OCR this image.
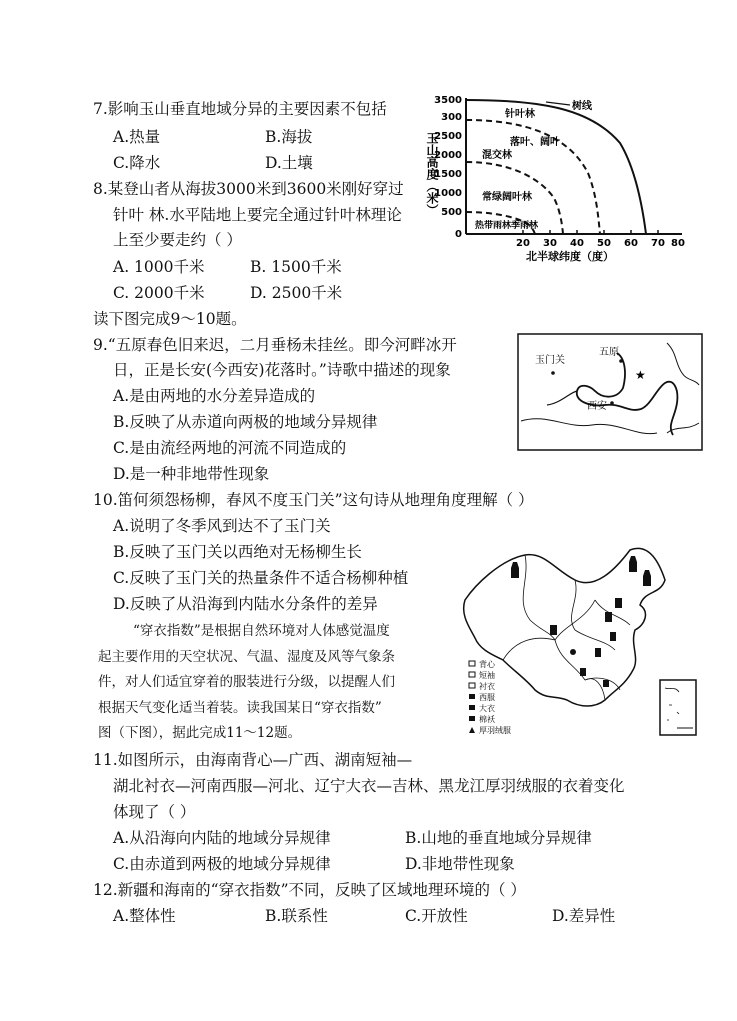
7.影响玉山垂直地域分异的主要因素不包括
A.热量	B.海拔
C.降水	D.土壤
8.某登山者从海拔3000米到3600米刚好穿过
针叶 林.水平陆地上要完全通过针叶林理论
上至少要走约（ ）
A. 1000千米	B. 1500千米
C. 2000千米	D. 2500千米
读下图完成9～10题。
9.“五原春色旧来迟，二月垂杨未挂丝。即今河畔冰开
日，正是长安(今西安)花落时。”诗歌中描述的现象
A.是由两地的水分差异造成的
B.反映了从赤道向两极的地域分异规律
C.是由流经两地的河流不同造成的
D.是一种非地带性现象
10.笛何须怨杨柳，春风不度玉门关”这句诗从地理角度理解（ ）
A.说明了冬季风到达不了玉门关
B.反映了玉门关以西绝对无杨柳生长
C.反映了玉门关的热量条件不适合杨柳种植
D.反映了从沿海到内陆水分条件的差异
“穿衣指数”是根据自然环境对人体感觉温度
起主要作用的天空状况、气温、湿度及风等气象条
件，对人们适宜穿着的服装进行分级，以提醒人们
根据天气变化适当着装。读我国某日“穿衣指数”
图（下图），据此完成11～12题。
11.如图所示，由海南背心—广西、湖南短袖—
湖北衬衣—河南西服—河北、辽宁大衣—吉林、黑龙江厚羽绒服的衣着变化
体现了（ ）
A.从沿海向内陆的地域分异规律	B.山地的垂直地域分异规律
C.由赤道到两极的地域分异规律	D.非地带性现象
12.新疆和海南的“穿衣指数”不同，反映了区域地理环境的（ ）
A.整体性	B.联系性	C.开放性	D.差异性
玉山高度（米）
3500
300
2500
2000
1500
1000
500
0
20 30 40 50 60 70 80
北半球纬度（度）
树线
针叶林
落叶、阔叶
混交林
常绿阔叶林
热带雨林季雨林
五原
玉门关
西安
★
背心
短袖
衬衣
西服
大衣
棉袄
厚羽绒服
